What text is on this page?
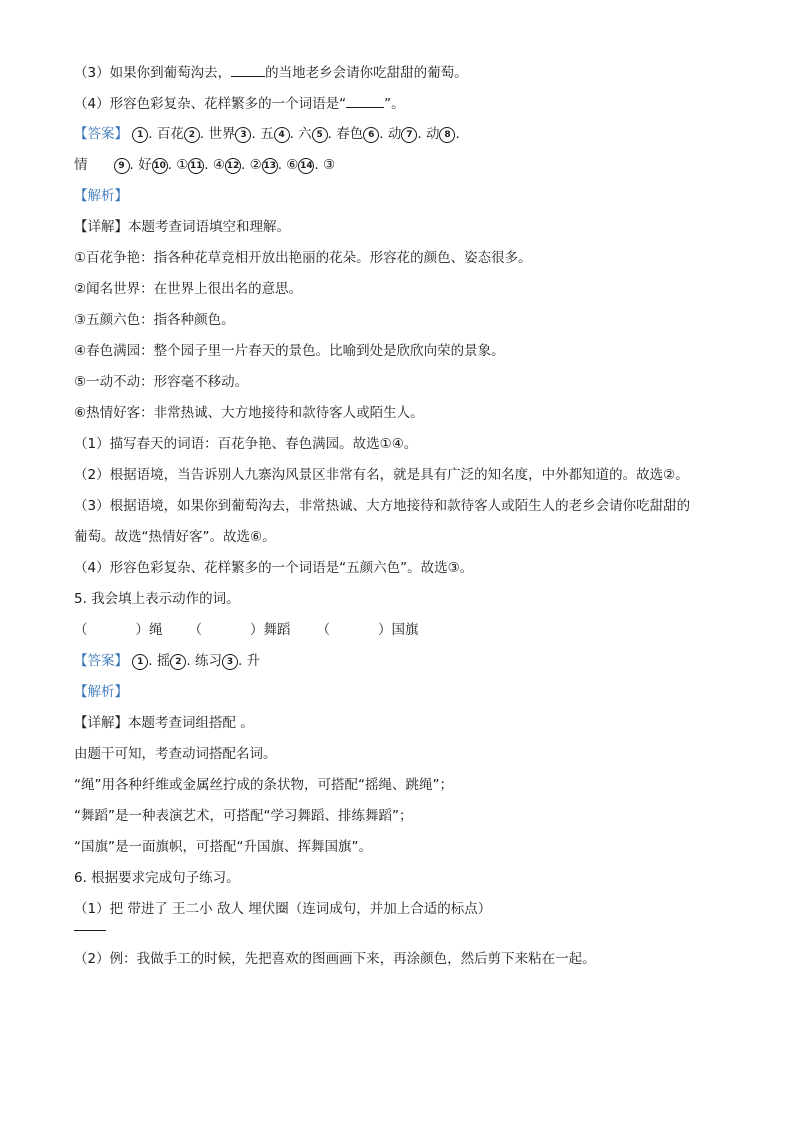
（3）如果你到葡萄沟去，	的当地老乡会请你吃甜甜的葡萄。
（4）形容色彩复杂、花样繁多的一个词语是“	”。
【答案】 1 . 百花 2 . 世界 3 . 五 4 . 六 5 . 春色 6 . 动 7 . 动 8 .
情	9 . 好 10 . ① 11 . ④ 12 . ② 13 . ⑥ 14 . ③
【解析】
【详解】本题考查词语填空和理解。
①百花争艳：指各种花草竞相开放出艳丽的花朵。形容花的颜色、姿态很多。
②闻名世界：在世界上很出名的意思。
③五颜六色：指各种颜色。
④春色满园：整个园子里一片春天的景色。比喻到处是欣欣向荣的景象。
⑤一动不动：形容毫不移动。
⑥热情好客：非常热诚、大方地接待和款待客人或陌生人。
（1）描写春天的词语：百花争艳、春色满园。故选①④。
（2）根据语境，当告诉别人九寨沟风景区非常有名，就是具有广泛的知名度，中外都知道的。故选②。
（3）根据语境，如果你到葡萄沟去，非常热诚、大方地接待和款待客人或陌生人的老乡会请你吃甜甜的
葡萄。故选“热情好客”。故选⑥。
（4）形容色彩复杂、花样繁多的一个词语是“五颜六色”。故选③。
5. 我会填上表示动作的词。
（	）绳 （	）舞蹈 （	）国旗
【答案】 1 . 摇 2 . 练习 3 . 升
【解析】
【详解】本题考查词组搭配 。
由题干可知，考查动词搭配名词。
“绳”用各种纤维或金属丝拧成的条状物，可搭配“摇绳、跳绳”；
“舞蹈”是一种表演艺术，可搭配“学习舞蹈、排练舞蹈”；
“国旗”是一面旗帜，可搭配“升国旗、挥舞国旗”。
6. 根据要求完成句子练习。
（1）把 带进了 王二小 敌人 埋伏圈（连词成句，并加上合适的标点）
（2）例：我做手工的时候，先把喜欢的图画画下来，再涂颜色，然后剪下来粘在一起。
